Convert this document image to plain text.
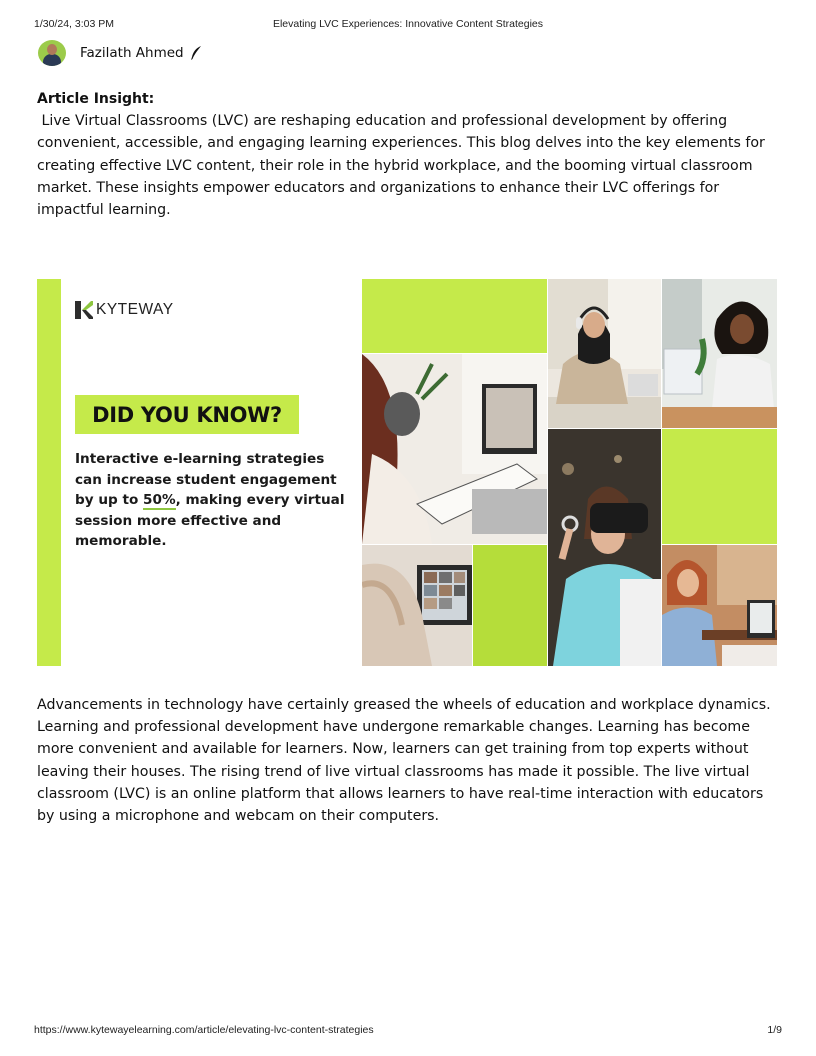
1/30/24, 3:03 PM	Elevating LVC Experiences: Innovative Content Strategies
Fazilath Ahmed
Article Insight:
Live Virtual Classrooms (LVC) are reshaping education and professional development by offering convenient, accessible, and engaging learning experiences. This blog delves into the key elements for creating effective LVC content, their role in the hybrid workplace, and the booming virtual classroom market. These insights empower educators and organizations to enhance their LVC offerings for impactful learning.
KYTEWAY
DID YOU KNOW?
Interactive e-learning strategies can increase student engagement by up to 50%, making every virtual session more effective and memorable.

Advancements in technology have certainly greased the wheels of education and workplace dynamics. Learning and professional development have undergone remarkable changes. Learning has become more convenient and available for learners. Now, learners can get training from top experts without leaving their houses. The rising trend of live virtual classrooms has made it possible. The live virtual classroom (LVC) is an online platform that allows learners to have real-time interaction with educators by using a microphone and webcam on their computers.

https://www.kytewayelearning.com/article/elevating-lvc-content-strategies	1/9
